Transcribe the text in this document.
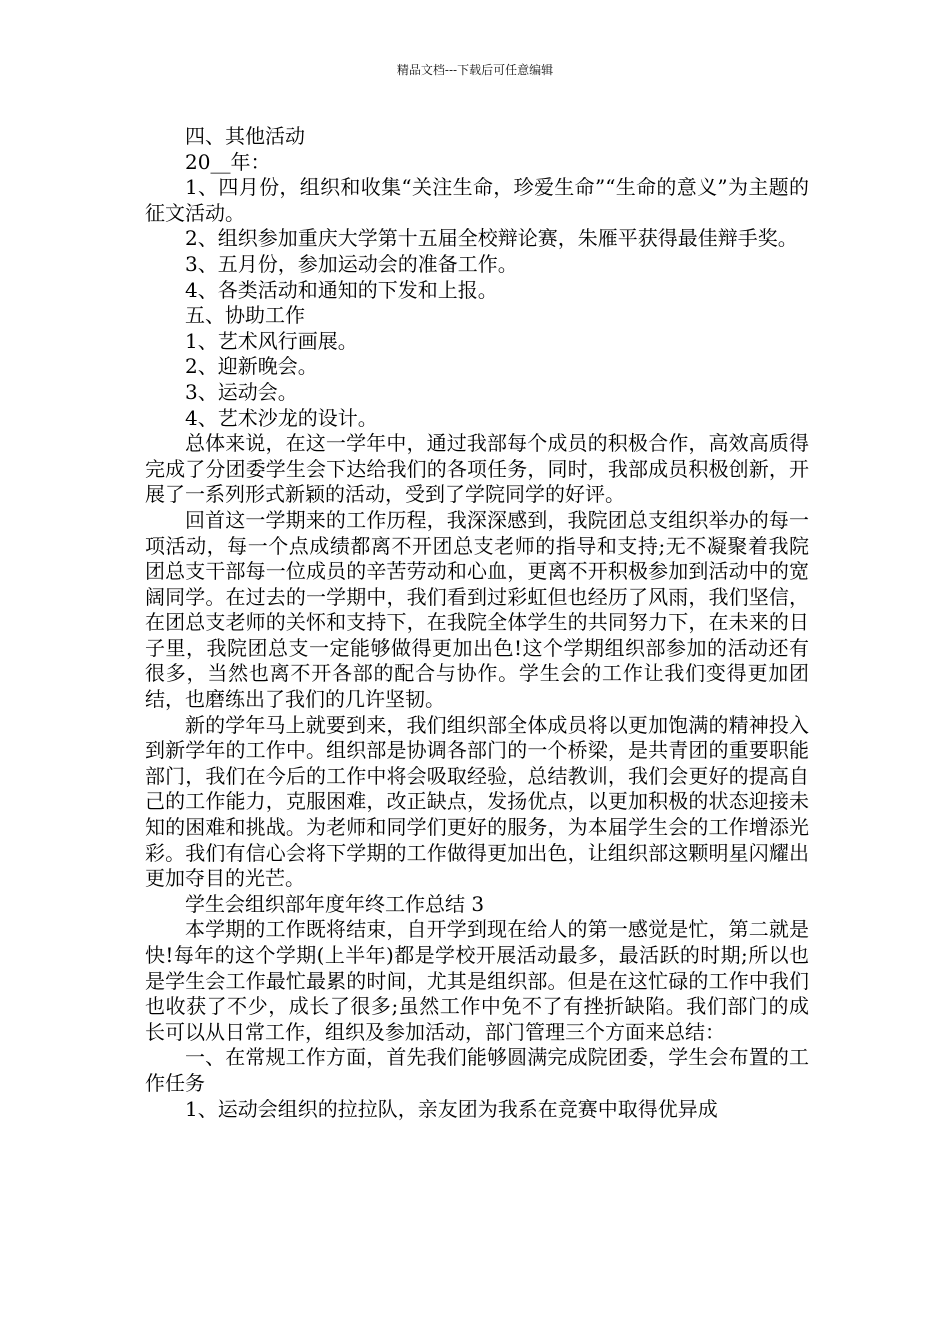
精品文档---下载后可任意编辑

四、其他活动

20__年：

1、四月份，组织和收集“关注生命，珍爱生命”“生命的意义”为主题的征文活动。

2、组织参加重庆大学第十五届全校辩论赛，朱雁平获得最佳辩手奖。

3、五月份，参加运动会的准备工作。

4、各类活动和通知的下发和上报。

五、协助工作

1、艺术风行画展。

2、迎新晚会。

3、运动会。

4、艺术沙龙的设计。

总体来说，在这一学年中，通过我部每个成员的积极合作，高效高质得完成了分团委学生会下达给我们的各项任务，同时，我部成员积极创新，开展了一系列形式新颖的活动，受到了学院同学的好评。

回首这一学期来的工作历程，我深深感到，我院团总支组织举办的每一项活动，每一个点成绩都离不开团总支老师的指导和支持;无不凝聚着我院团总支干部每一位成员的辛苦劳动和心血，更离不开积极参加到活动中的宽阔同学。在过去的一学期中，我们看到过彩虹但也经历了风雨，我们坚信，在团总支老师的关怀和支持下，在我院全体学生的共同努力下，在未来的日子里，我院团总支一定能够做得更加出色!这个学期组织部参加的活动还有很多，当然也离不开各部的配合与协作。学生会的工作让我们变得更加团结，也磨练出了我们的几许坚韧。

新的学年马上就要到来，我们组织部全体成员将以更加饱满的精神投入到新学年的工作中。组织部是协调各部门的一个桥梁，是共青团的重要职能部门，我们在今后的工作中将会吸取经验，总结教训，我们会更好的提高自己的工作能力，克服困难，改正缺点，发扬优点，以更加积极的状态迎接未知的困难和挑战。为老师和同学们更好的服务，为本届学生会的工作增添光彩。我们有信心会将下学期的工作做得更加出色，让组织部这颗明星闪耀出更加夺目的光芒。

学生会组织部年度年终工作总结 3

本学期的工作既将结束，自开学到现在给人的第一感觉是忙，第二就是快!每年的这个学期(上半年)都是学校开展活动最多，最活跃的时期;所以也是学生会工作最忙最累的时间，尤其是组织部。但是在这忙碌的工作中我们也收获了不少，成长了很多;虽然工作中免不了有挫折缺陷。我们部门的成长可以从日常工作，组织及参加活动，部门管理三个方面来总结：

一、在常规工作方面，首先我们能够圆满完成院团委，学生会布置的工作任务

1、运动会组织的拉拉队，亲友团为我系在竞赛中取得优异成
